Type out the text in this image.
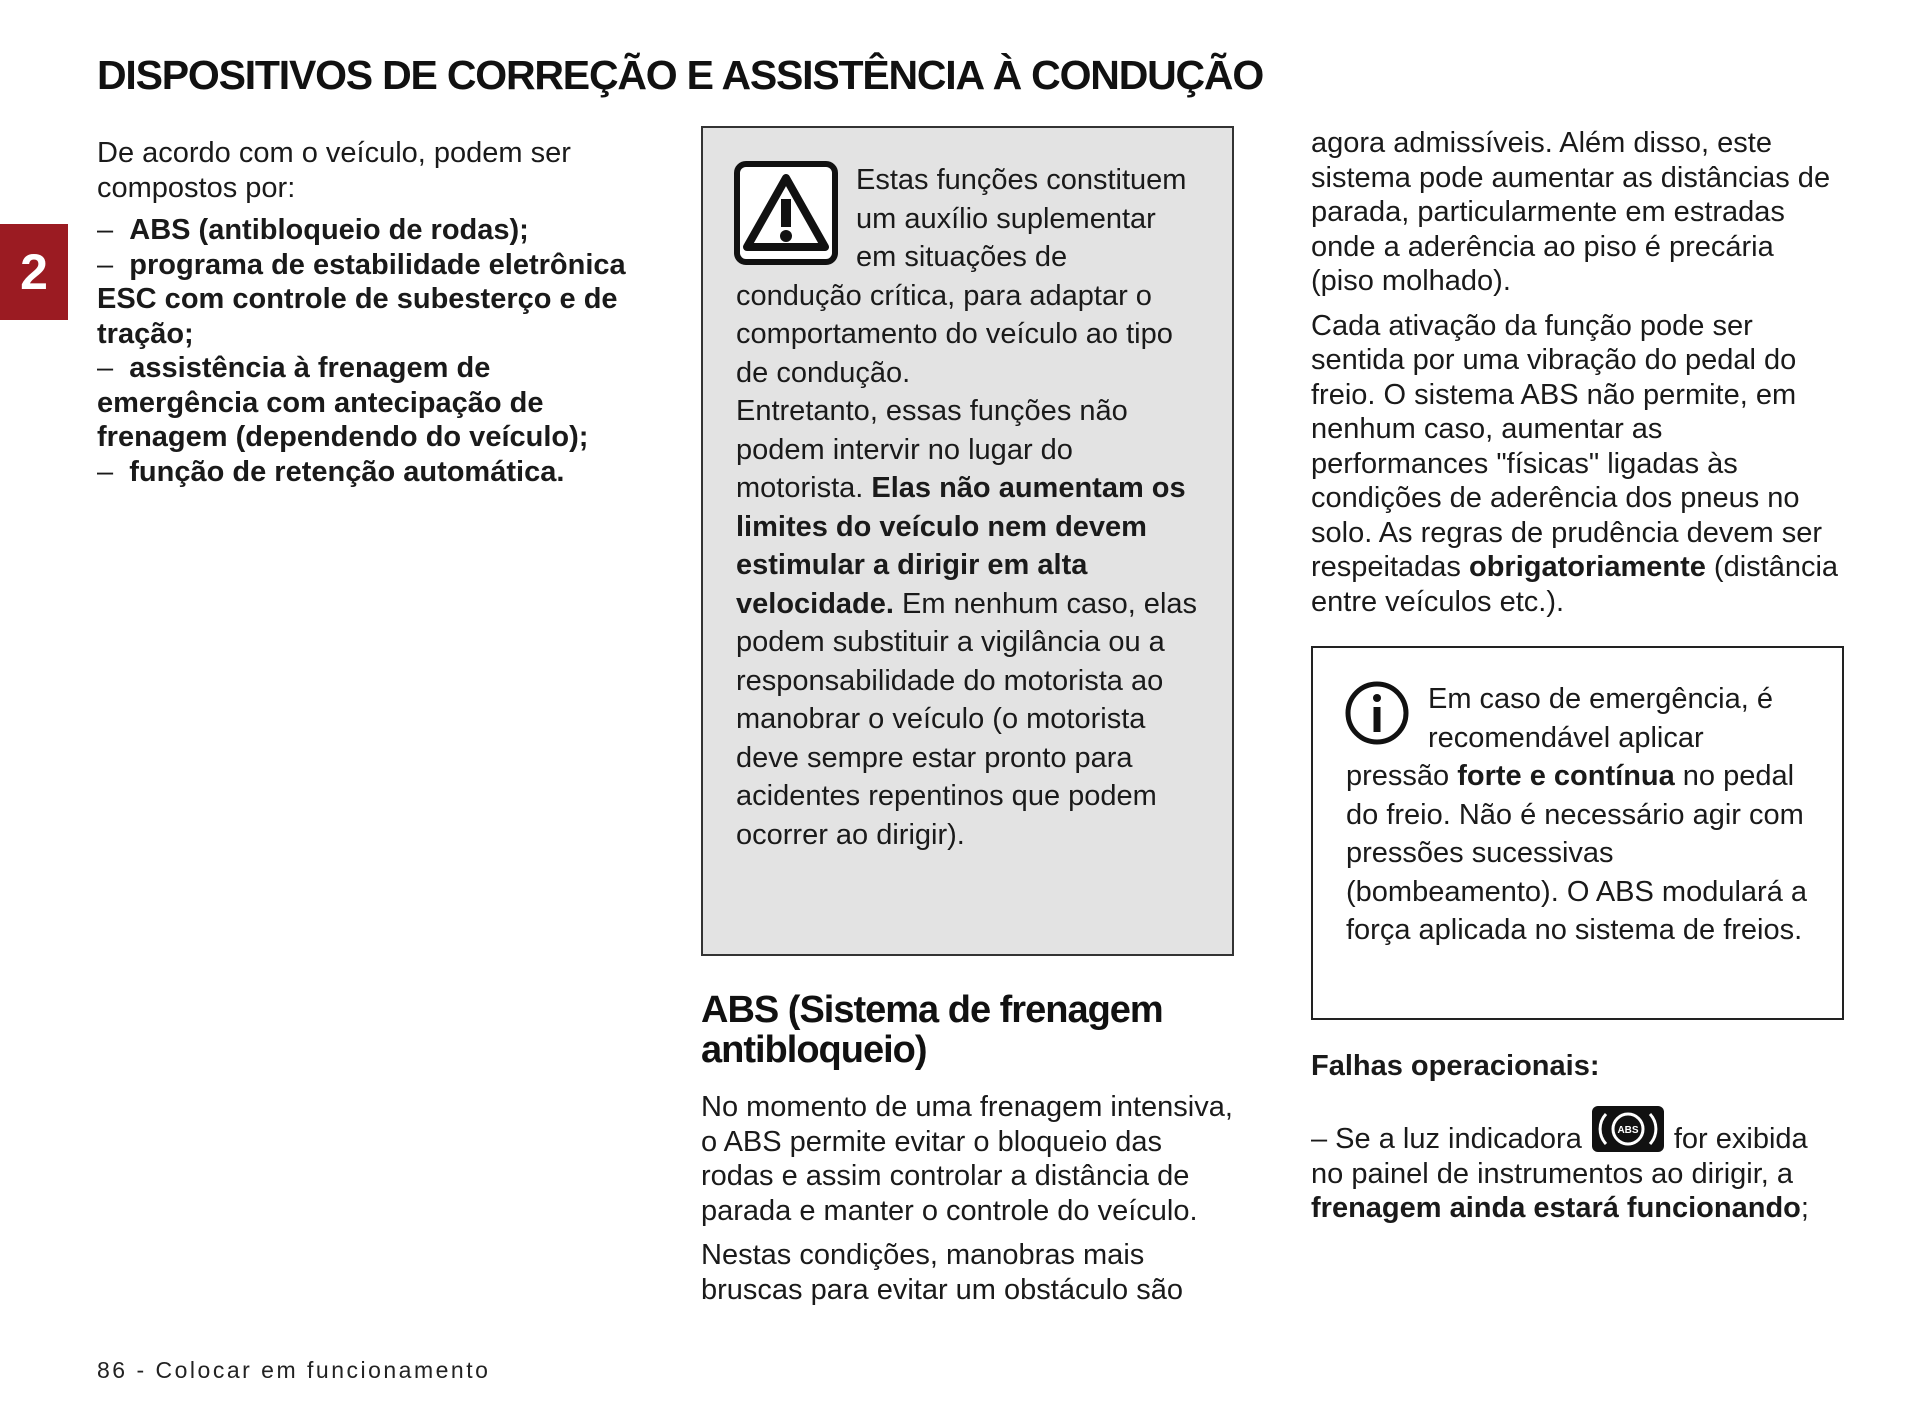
DISPOSITIVOS DE CORREÇÃO E ASSISTÊNCIA À CONDUÇÃO
2

De acordo com o veículo, podem ser compostos por:

– ABS (antibloqueio de rodas);
– programa de estabilidade eletrônica ESC com controle de subesterço e de tração;
– assistência à frenagem de emergência com antecipação de frenagem (dependendo do veículo);
– função de retenção automática.
Estas funções constituem um auxílio suplementar em situações de condução crítica, para adaptar o comportamento do veículo ao tipo de condução.
Entretanto, essas funções não podem intervir no lugar do motorista. Elas não aumentam os limites do veículo nem devem estimular a dirigir em alta velocidade. Em nenhum caso, elas podem substituir a vigilância ou a responsabilidade do motorista ao manobrar o veículo (o motorista deve sempre estar pronto para acidentes repentinos que podem ocorrer ao dirigir).
ABS (Sistema de frenagem antibloqueio)

No momento de uma frenagem intensiva, o ABS permite evitar o bloqueio das rodas e assim controlar a distância de parada e manter o controle do veículo.

Nestas condições, manobras mais bruscas para evitar um obstáculo são

agora admissíveis. Além disso, este sistema pode aumentar as distâncias de parada, particularmente em estradas onde a aderência ao piso é precária (piso molhado).

Cada ativação da função pode ser sentida por uma vibração do pedal do freio. O sistema ABS não permite, em nenhum caso, aumentar as performances "físicas" ligadas às condições de aderência dos pneus no solo. As regras de prudência devem ser respeitadas obrigatoriamente (distância entre veículos etc.).

Em caso de emergência, é recomendável aplicar pressão forte e contínua no pedal do freio. Não é necessário agir com pressões sucessivas (bombeamento). O ABS modulará a força aplicada no sistema de freios.
Falhas operacionais:

– Se a luz indicadora	ABS for exibida no painel de instrumentos ao dirigir, a frenagem ainda estará funcionando;

86 - Colocar em funcionamento
